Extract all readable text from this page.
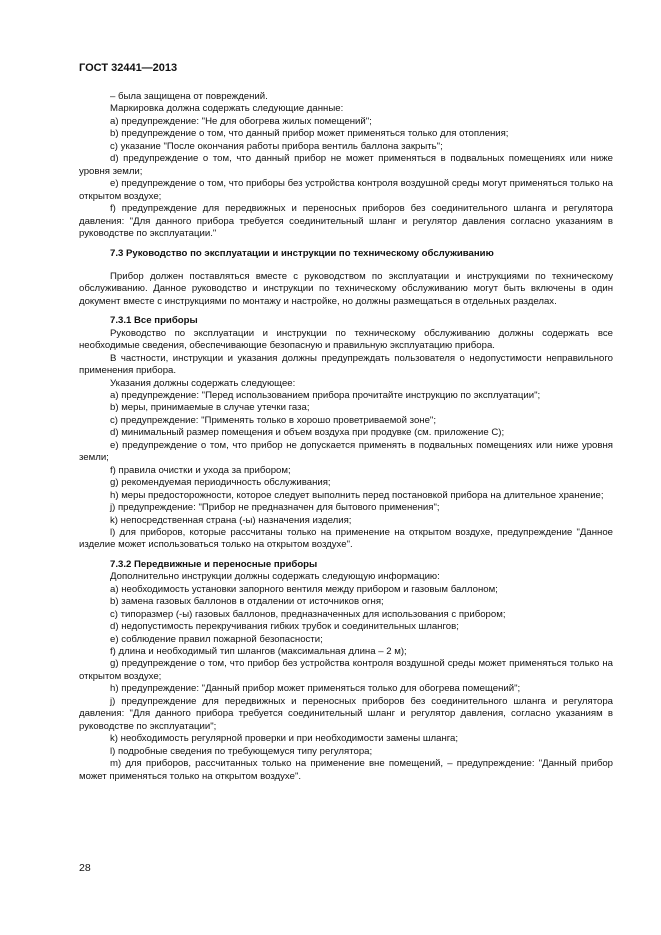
ГОСТ 32441—2013

– была защищена от повреждений.

Маркировка должна содержать следующие данные:

а) предупреждение: "Не для обогрева жилых помещений";

b) предупреждение о том, что данный прибор может применяться только для отопления;

с) указание "После окончания работы прибора вентиль баллона закрыть";

d) предупреждение о том, что данный прибор не может применяться в подвальных помещениях или ниже уровня земли;

е) предупреждение о том, что приборы без устройства контроля воздушной среды могут применяться только на открытом воздухе;

f) предупреждение для передвижных и переносных приборов без соединительного шланга и регулятора давления: "Для данного прибора требуется соединительный шланг и регулятор давления согласно указаниям в руководстве по эксплуатации."

7.3 Руководство по эксплуатации и инструкции по техническому обслуживанию

Прибор должен поставляться вместе с руководством по эксплуатации и инструкциями по техническому обслуживанию. Данное руководство и инструкции по техническому обслуживанию могут быть включены в один документ вместе с инструкциями по монтажу и настройке, но должны размещаться в отдельных разделах.

7.3.1 Все приборы

Руководство по эксплуатации и инструкции по техническому обслуживанию должны содержать все необходимые сведения, обеспечивающие безопасную и правильную эксплуатацию прибора.

В частности, инструкции и указания должны предупреждать пользователя о недопустимости неправильного применения прибора.

Указания должны содержать следующее:

а) предупреждение: "Перед использованием прибора прочитайте инструкцию по эксплуатации";

b) меры, принимаемые в случае утечки газа;

с) предупреждение: "Применять только в хорошо проветриваемой зоне";

d) минимальный размер помещения и объем воздуха при продувке (см. приложение С);

е) предупреждение о том, что прибор не допускается применять в подвальных помещениях или ниже уровня земли;

f) правила очистки и ухода за прибором;

g) рекомендуемая периодичность обслуживания;

h) меры предосторожности, которое следует выполнить перед постановкой прибора на длительное хранение;

j) предупреждение: "Прибор не предназначен для бытового применения";

k) непосредственная страна (-ы) назначения изделия;

l) для приборов, которые рассчитаны только на применение на открытом воздухе, предупреждение "Данное изделие может использоваться только на открытом воздухе".

7.3.2 Передвижные и переносные приборы

Дополнительно инструкции должны содержать следующую информацию:

а) необходимость установки запорного вентиля между прибором и газовым баллоном;

b) замена газовых баллонов в отдалении от источников огня;

с) типоразмер (-ы) газовых баллонов, предназначенных для использования с прибором;

d) недопустимость перекручивания гибких трубок и соединительных шлангов;

е) соблюдение правил пожарной безопасности;

f) длина и необходимый тип шлангов (максимальная длина – 2 м);

g) предупреждение о том, что прибор без устройства контроля воздушной среды может применяться только на открытом воздухе;

h) предупреждение: "Данный прибор может применяться только для обогрева помещений";

j) предупреждение для передвижных и переносных приборов без соединительного шланга и регулятора давления: "Для данного прибора требуется соединительный шланг и регулятор давления, согласно указаниям в руководстве по эксплуатации";

k) необходимость регулярной проверки и при необходимости замены шланга;

l) подробные сведения по требующемуся типу регулятора;

m) для приборов, рассчитанных только на применение вне помещений, – предупреждение: "Данный прибор может применяться только на открытом воздухе".

28
